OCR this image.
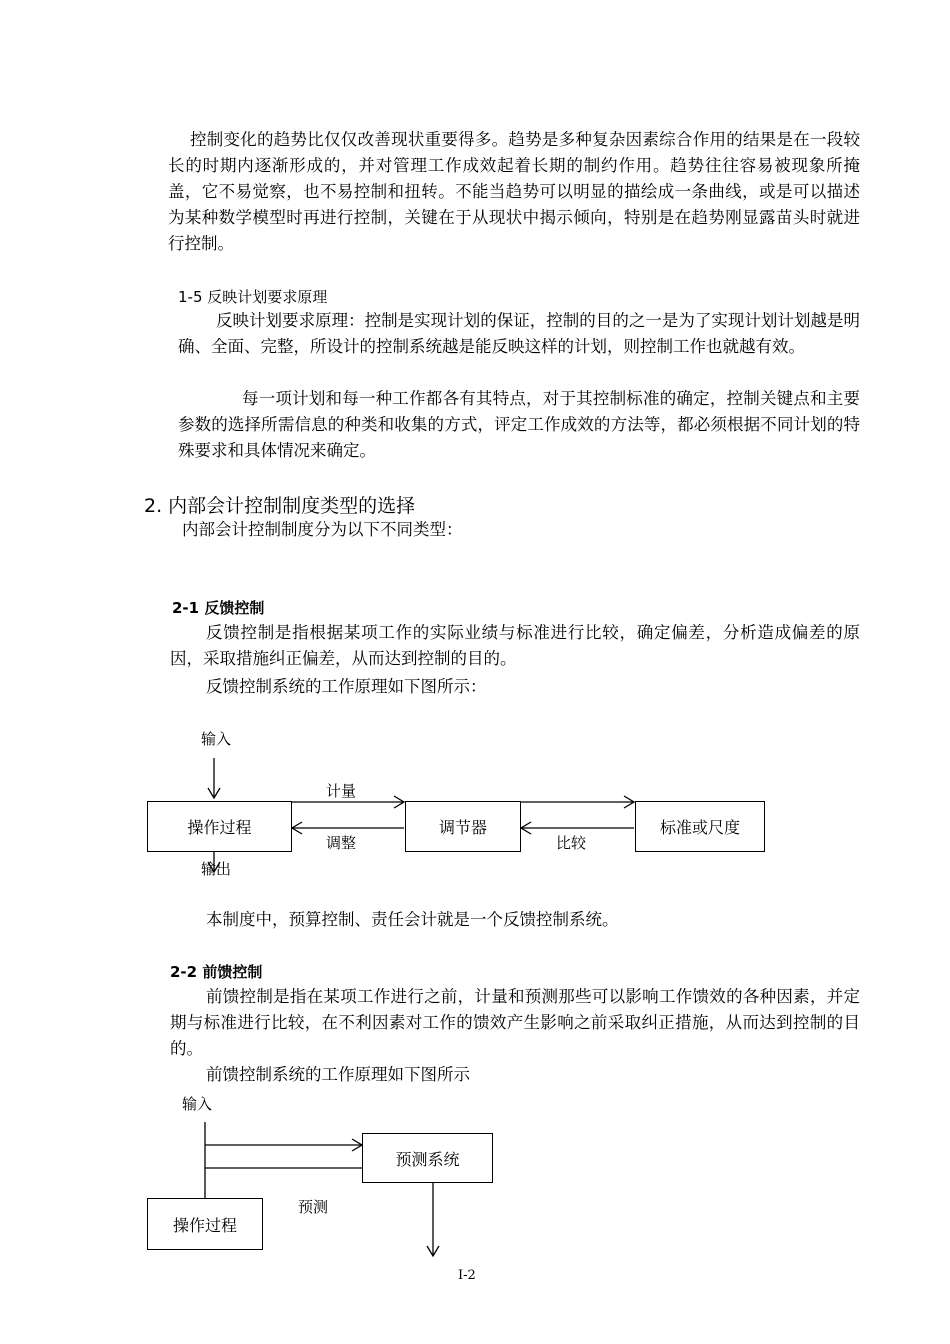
控制变化的趋势比仅仅改善现状重要得多。趋势是多种复杂因素综合作用的结果是在一段较长的时期内逐渐形成的，并对管理工作成效起着长期的制约作用。趋势往往容易被现象所掩盖，它不易觉察，也不易控制和扭转。不能当趋势可以明显的描绘成一条曲线，或是可以描述为某种数学模型时再进行控制，关键在于从现状中揭示倾向，特别是在趋势刚显露苗头时就进行控制。

1-5 反映计划要求原理

反映计划要求原理：控制是实现计划的保证，控制的目的之一是为了实现计划计划越是明确、全面、完整，所设计的控制系统越是能反映这样的计划，则控制工作也就越有效。

每一项计划和每一种工作都各有其特点，对于其控制标准的确定，控制关键点和主要参数的选择所需信息的种类和收集的方式，评定工作成效的方法等，都必须根据不同计划的特殊要求和具体情况来确定。

2. 内部会计控制制度类型的选择
内部会计控制制度分为以下不同类型：
2-1 反馈控制

反馈控制是指根据某项工作的实际业绩与标准进行比较，确定偏差，分析造成偏差的原因，采取措施纠正偏差，从而达到控制的目的。

反馈控制系统的工作原理如下图所示：
输入
计量
操作过程	调节器	标准或尺度
调整	比较
输出
本制度中，预算控制、责任会计就是一个反馈控制系统。
2-2 前馈控制

前馈控制是指在某项工作进行之前，计量和预测那些可以影响工作馈效的各种因素，并定期与标准进行比较，在不利因素对工作的馈效产生影响之前采取纠正措施，从而达到控制的目的。

前馈控制系统的工作原理如下图所示
输入
预测系统
预测
操作过程
Ⅰ-2
